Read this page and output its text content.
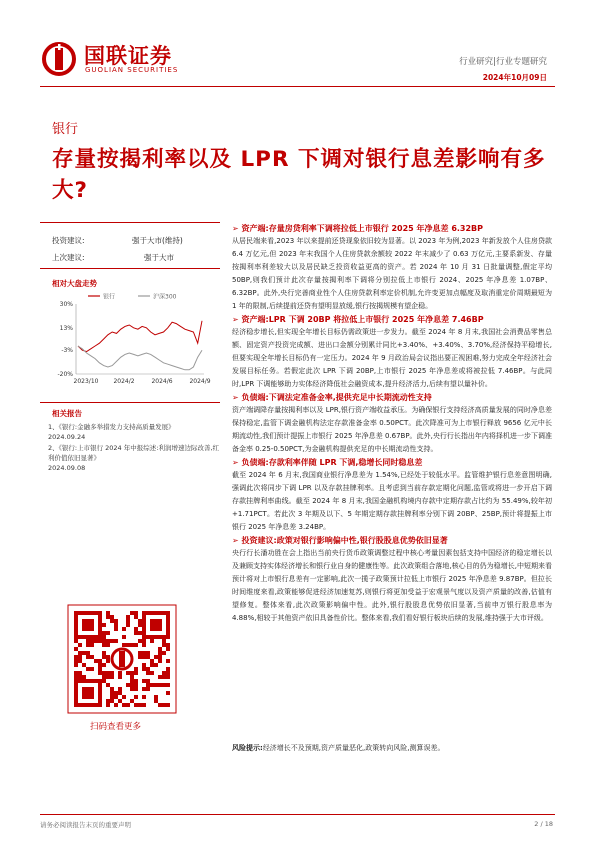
国联证券
GUOLIAN SECURITIES
行业研究|行业专题研究
2024年10月09日
银行
存量按揭利率以及 LPR 下调对银行息差影响有多大?
投资建议:	强于大市(维持)
上次建议:	强于大市
相对大盘走势
银行	沪深300
30%
13%
-3%
-20%
2023/10 2024/2	2024/6	2024/9
相关报告
1、《银行:金融多举措发力支持高质量发展》
2024.09.24
2、《银行:上市银行 2024 年中报综述:利润增速边际改善,红利价值依旧显著》
2024.09.08
扫码查看更多
➢ 资产端:存量房贷利率下调将拉低上市银行 2025 年净息差 6.32BP
从居民端来看,2023 年以来提前还贷现象依旧较为显著。以 2023 年为例,2023 年新发放个人住房贷款 6.4 万亿元,但 2023 年末我国个人住房贷款余额较 2022 年末减少了 0.63 万亿元,主要系新发、存量按揭利率利差较大以及居民缺乏投资收益更高的资产。若 2024 年 10 月 31 日批量调整,假定平均 50BP,则我们预计此次存量按揭利率下调将分别拉低上市银行 2024、2025 年净息差 1.07BP、6.32BP。此外,央行完善商业性个人住房贷款利率定价机制,允许变更加点幅度及取消重定价周期最短为 1 年的限制,后续提前还贷有望明显放缓,银行按揭规模有望企稳。
➢ 资产端:LPR 下调 20BP 将拉低上市银行 2025 年净息差 7.46BP
经济稳步增长,但实现全年增长目标仍需政策进一步发力。截至 2024 年 8 月末,我国社会消费品零售总额、固定资产投资完成额、进出口金额分别累计同比+3.40%、+3.40%、3.70%,经济保持平稳增长,但要实现全年增长目标仍有一定压力。2024 年 9 月政治局会议指出要正视困难,努力完成全年经济社会发展目标任务。若假定此次 LPR 下调 20BP,上市银行 2025 年净息差或将被拉低 7.46BP。与此同时,LPR 下调能够助力实体经济降低社会融资成本,提升经济活力,后续有望以量补价。
➢ 负债端:下调法定准备金率,提供充足中长期流动性支持
资产端调降存量按揭利率以及 LPR,银行资产端收益承压。为确保银行支持经济高质量发展的同时净息差保持稳定,监管下调金融机构法定存款准备金率 0.50PCT。此次降准可为上市银行释放 9656 亿元中长期流动性,我们预计提振上市银行 2025 年净息差 0.67BP。此外,央行行长指出年内将择机进一步下调准备金率 0.25-0.50PCT,为金融机构提供充足的中长期流动性支持。
➢ 负债端:存款利率伴随 LPR 下调,稳增长同时稳息差
截至 2024 年 6 月末,我国商业银行净息差为 1.54%,已经处于较低水平。监管维护银行息差意图明确,强调此次将同步下调 LPR 以及存款挂牌利率。且考虑到当前存款定期化问题,监管或将进一步开启下调存款挂牌利率曲线。截至 2024 年 8 月末,我国金融机构境内存款中定期存款占比约为 55.49%,较年初+1.71PCT。若此次 3 年期及以下、5 年期定期存款挂牌利率分别下调 20BP、25BP,预计将提振上市银行 2025 年净息差 3.24BP。
➢ 投资建议:政策对银行影响偏中性,银行股股息优势依旧显著
央行行长潘功胜在会上指出当前央行货币政策调整过程中核心考量因素包括支持中国经济的稳定增长以及兼顾支持实体经济增长和银行业自身的健康性等。此次政策组合落地,核心目的仍为稳增长,中短期来看预计将对上市银行息差有一定影响,此次一揽子政策预计拉低上市银行 2025 年净息差 9.87BP。但拉长时间维度来看,政策能够促进经济加速复苏,则银行将更加受益于宏观景气度以及资产质量的改善,估值有望修复。整体来看,此次政策影响偏中性。此外,银行股股息优势依旧显著,当前申万银行股息率为 4.88%,相较于其他资产依旧具备性价比。整体来看,我们看好银行板块后续的发展,维持强于大市评级。
风险提示:经济增长不及预期,资产质量恶化,政策转向风险,测算误差。
请务必阅读报告末页的重要声明	2 / 18
